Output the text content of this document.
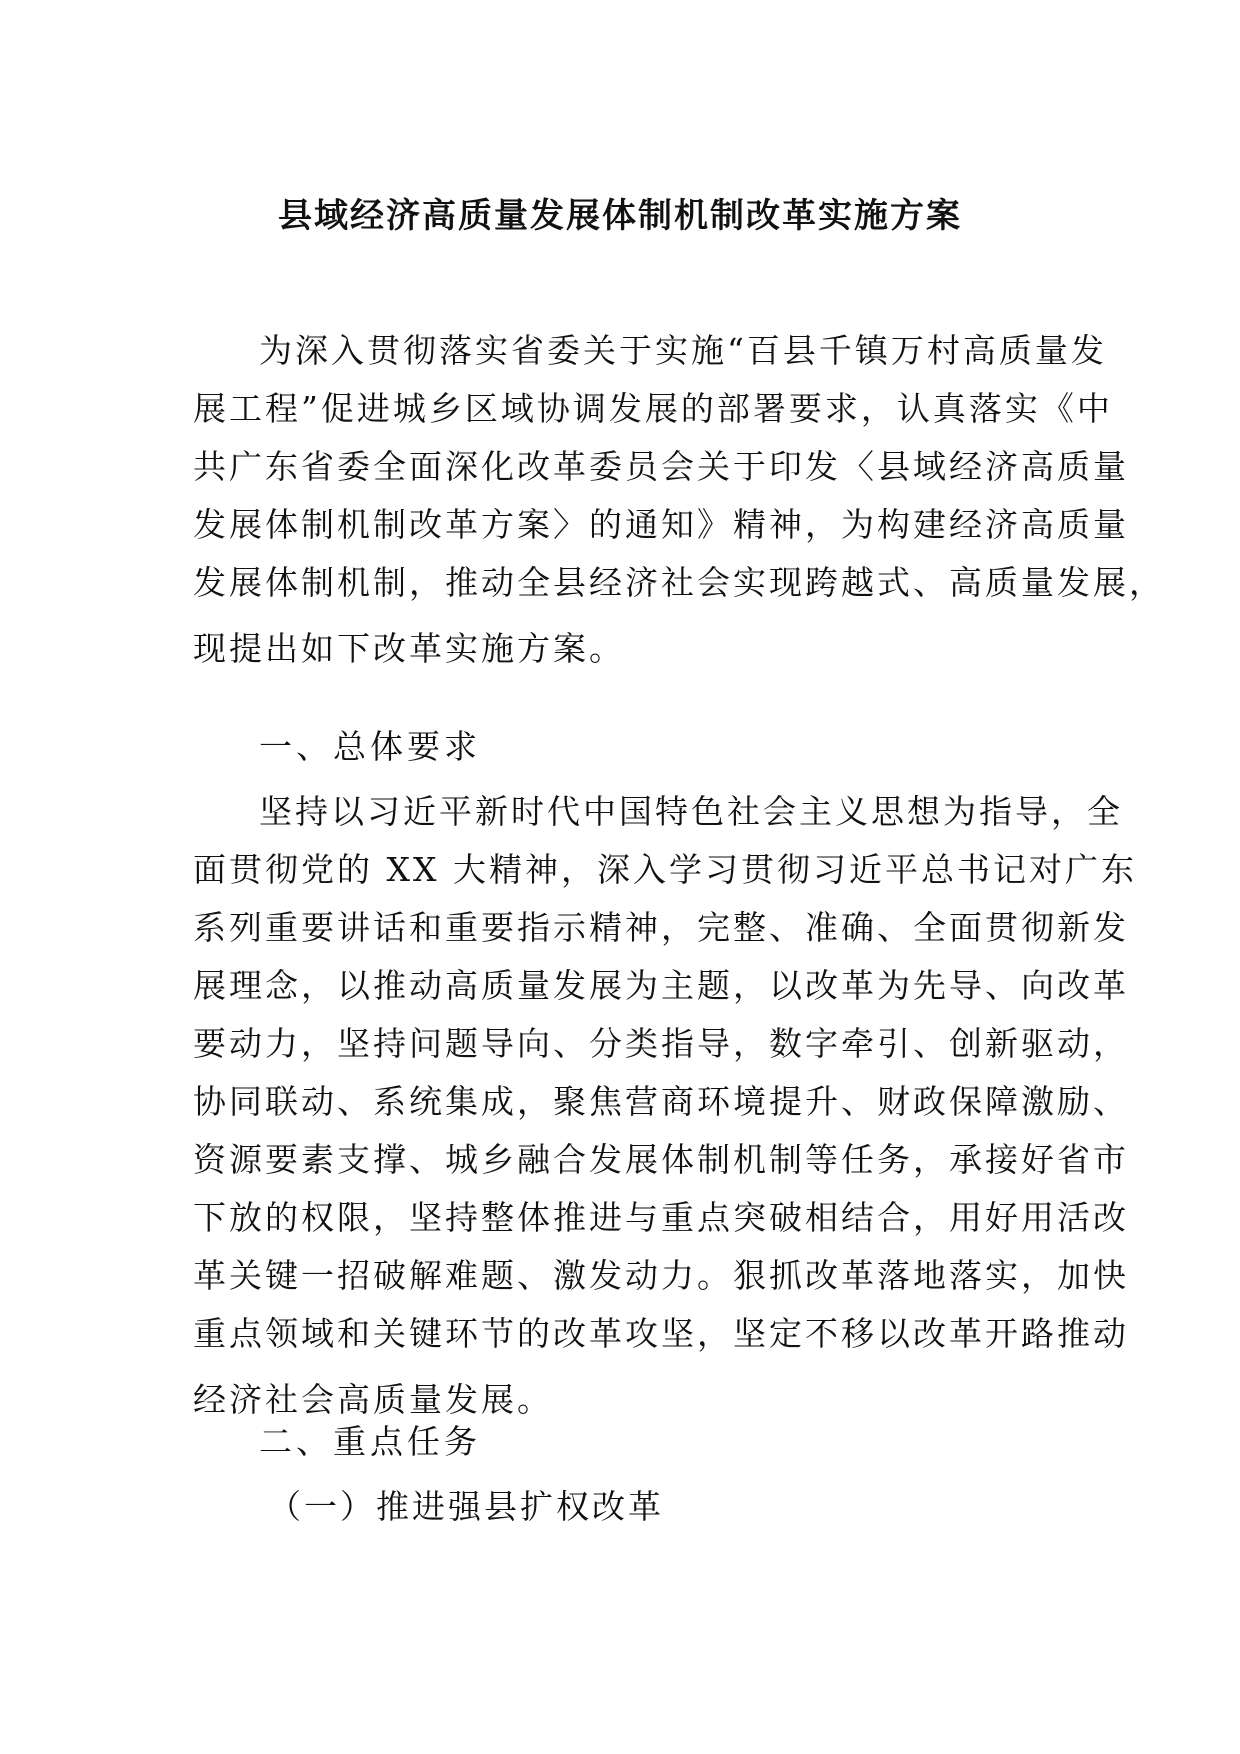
县域经济高质量发展体制机制改革实施方案
为深入贯彻落实省委关于实施“百县千镇万村高质量发
展工程”促进城乡区域协调发展的部署要求，认真落实《中
共广东省委全面深化改革委员会关于印发〈县域经济高质量
发展体制机制改革方案〉的通知》精神，为构建经济高质量
发展体制机制，推动全县经济社会实现跨越式、高质量发展，
现提出如下改革实施方案。

一、总体要求

坚持以习近平新时代中国特色社会主义思想为指导，全
面贯彻党的 XX 大精神，深入学习贯彻习近平总书记对广东
系列重要讲话和重要指示精神，完整、准确、全面贯彻新发
展理念，以推动高质量发展为主题，以改革为先导、向改革
要动力，坚持问题导向、分类指导，数字牵引、创新驱动，
协同联动、系统集成，聚焦营商环境提升、财政保障激励、
资源要素支撑、城乡融合发展体制机制等任务，承接好省市
下放的权限，坚持整体推进与重点突破相结合，用好用活改
革关键一招破解难题、激发动力。狠抓改革落地落实，加快
重点领域和关键环节的改革攻坚，坚定不移以改革开路推动
经济社会高质量发展。

二、重点任务

（一）推进强县扩权改革
